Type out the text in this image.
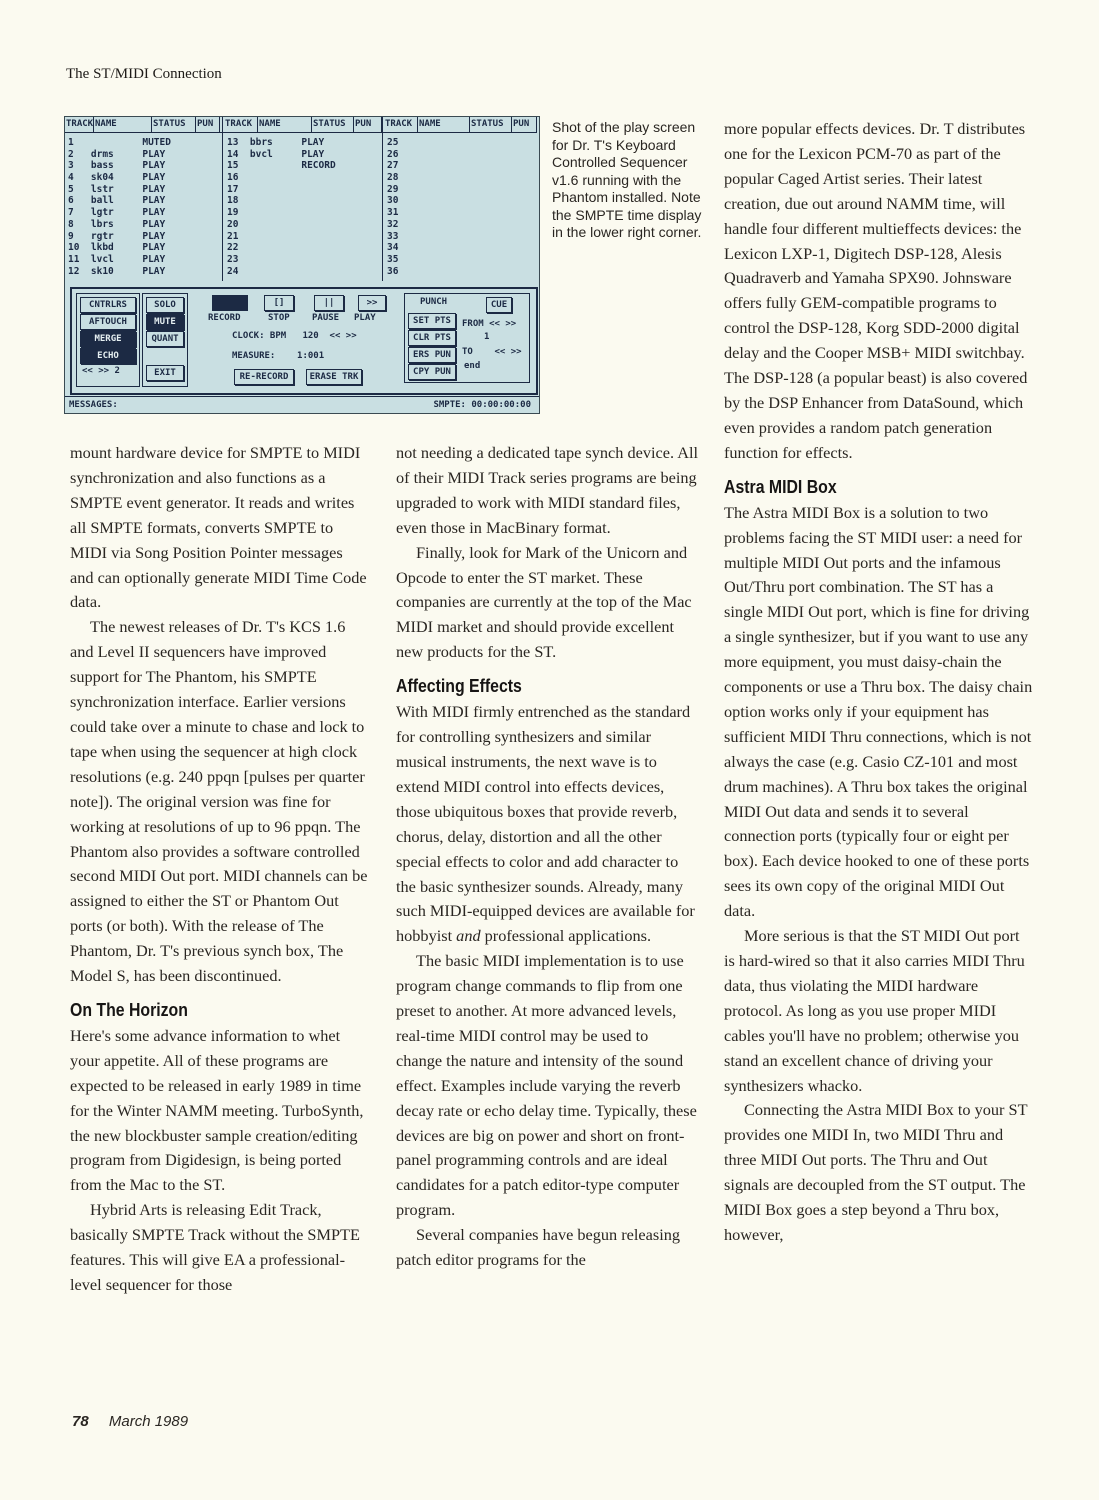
The ST/MIDI Connection
TRACK NAME	STATUS	PUN	TRACK NAME	STATUS	PUN	TRACK NAME	STATUS	PUN
1            MUTED
2   drms     PLAY
3   bass     PLAY
4   sk04     PLAY
5   lstr     PLAY
6   ball     PLAY
7   lgtr     PLAY
8   lbrs     PLAY
9   rgtr     PLAY
10  lkbd     PLAY
11  lvcl     PLAY
12  sk10     PLAY
13  bbrs     PLAY
14  bvcl     PLAY
15           RECORD
16
17
18
19
20
21
22
23
24
25
26
27
28
29
30
31
32
33
34
35
36
CNTRLRS
AFTOUCH
MERGE
ECHO
<< >> 2
SOLO
MUTE
QUANT
EXIT
[]	||	>>
RECORD	STOP PAUSE PLAY
CLOCK: BPM   120  << >>
MEASURE:    1:001
RE-RECORD	ERASE TRK
PUNCH	CUE
SET PTS
CLR PTS
ERS PUN
CPY PUN
FROM << >>
1
TO    << >>
end
MESSAGES:	SMPTE: 00:00:00:00
Shot of the play screen for Dr. T's Keyboard Controlled Sequencer v1.6 running with the Phantom installed. Note the SMPTE time display in the lower right corner.

mount hardware device for SMPTE to MIDI synchronization and also functions as a SMPTE event generator. It reads and writes all SMPTE formats, converts SMPTE to MIDI via Song Position Pointer messages and can optionally generate MIDI Time Code data.

The newest releases of Dr. T's KCS 1.6 and Level II sequencers have improved support for The Phantom, his SMPTE synchronization interface. Earlier versions could take over a minute to chase and lock to tape when using the sequencer at high clock resolutions (e.g. 240 ppqn [pulses per quarter note]). The original version was fine for working at resolutions of up to 96 ppqn. The Phantom also provides a software controlled second MIDI Out port. MIDI channels can be assigned to either the ST or Phantom Out ports (or both). With the release of The Phantom, Dr. T's previous synch box, The Model S, has been discontinued.

On The Horizon

Here's some advance information to whet your appetite. All of these programs are expected to be released in early 1989 in time for the Winter NAMM meeting. TurboSynth, the new blockbuster sample creation/editing program from Digidesign, is being ported from the Mac to the ST.

Hybrid Arts is releasing Edit Track, basically SMPTE Track without the SMPTE features. This will give EA a professional-level sequencer for those

not needing a dedicated tape synch device. All of their MIDI Track series programs are being upgraded to work with MIDI standard files, even those in MacBinary format.

Finally, look for Mark of the Unicorn and Opcode to enter the ST market. These companies are currently at the top of the Mac MIDI market and should provide excellent new products for the ST.

Affecting Effects

With MIDI firmly entrenched as the standard for controlling synthesizers and similar musical instruments, the next wave is to extend MIDI control into effects devices, those ubiquitous boxes that provide reverb, chorus, delay, distortion and all the other special effects to color and add character to the basic synthesizer sounds. Already, many such MIDI-equipped devices are available for hobbyist and professional applications.

The basic MIDI implementation is to use program change commands to flip from one preset to another. At more advanced levels, real-time MIDI control may be used to change the nature and intensity of the sound effect. Examples include varying the reverb decay rate or echo delay time. Typically, these devices are big on power and short on front-panel programming controls and are ideal candidates for a patch editor-type computer program.

Several companies have begun releasing patch editor programs for the

more popular effects devices. Dr. T distributes one for the Lexicon PCM-70 as part of the popular Caged Artist series. Their latest creation, due out around NAMM time, will handle four different multieffects devices: the Lexicon LXP-1, Digitech DSP-128, Alesis Quadraverb and Yamaha SPX90. Johnsware offers fully GEM-compatible programs to control the DSP-128, Korg SDD-2000 digital delay and the Cooper MSB+ MIDI switchbay. The DSP-128 (a popular beast) is also covered by the DSP Enhancer from DataSound, which even provides a random patch generation function for effects.

Astra MIDI Box

The Astra MIDI Box is a solution to two problems facing the ST MIDI user: a need for multiple MIDI Out ports and the infamous Out/Thru port combination. The ST has a single MIDI Out port, which is fine for driving a single synthesizer, but if you want to use any more equipment, you must daisy-chain the components or use a Thru box. The daisy chain option works only if your equipment has sufficient MIDI Thru connections, which is not always the case (e.g. Casio CZ-101 and most drum machines). A Thru box takes the original MIDI Out data and sends it to several connection ports (typically four or eight per box). Each device hooked to one of these ports sees its own copy of the original MIDI Out data.

More serious is that the ST MIDI Out port is hard-wired so that it also carries MIDI Thru data, thus violating the MIDI hardware protocol. As long as you use proper MIDI cables you'll have no problem; otherwise you stand an excellent chance of driving your synthesizers whacko.

Connecting the Astra MIDI Box to your ST provides one MIDI In, two MIDI Thru and three MIDI Out ports. The Thru and Out signals are decoupled from the ST output. The MIDI Box goes a step beyond a Thru box, however,

78 March 1989
